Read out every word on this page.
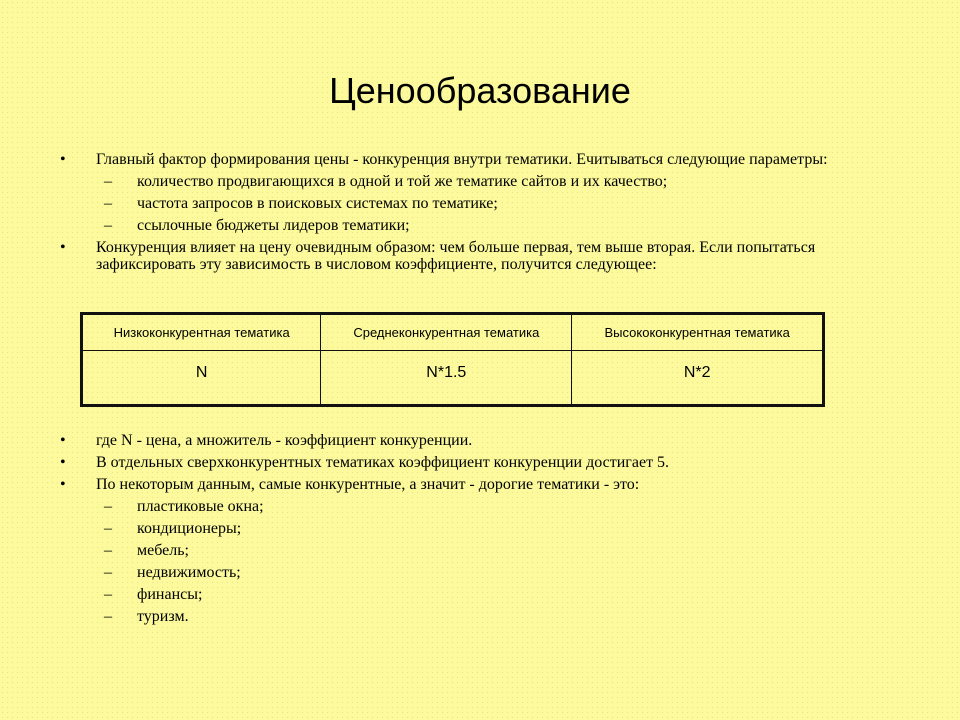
Ценообразование
• Главный фактор формирования цены - конкуренция внутри тематики. Ечитываться следующие параметры:
– количество продвигающихся в одной и той же тематике сайтов и их качество;
– частота запросов в поисковых системах по тематике;
– ссылочные бюджеты лидеров тематики;
• Конкуренция влияет на цену очевидным образом: чем больше первая, тем выше вторая. Если попытаться зафиксировать эту зависимость в числовом коэффициенте, получится следующее:
Низкоконкурентная тематика	Среднеконкурентная тематика	Высококонкурентная тематика
N	N*1.5	N*2
• где N - цена, а множитель - коэффициент конкуренции.
• В отдельных сверхконкурентных тематиках коэффициент конкуренции достигает 5.
• По некоторым данным, самые конкурентные, а значит - дорогие тематики - это:
– пластиковые окна;
– кондиционеры;
– мебель;
– недвижимость;
– финансы;
– туризм.
